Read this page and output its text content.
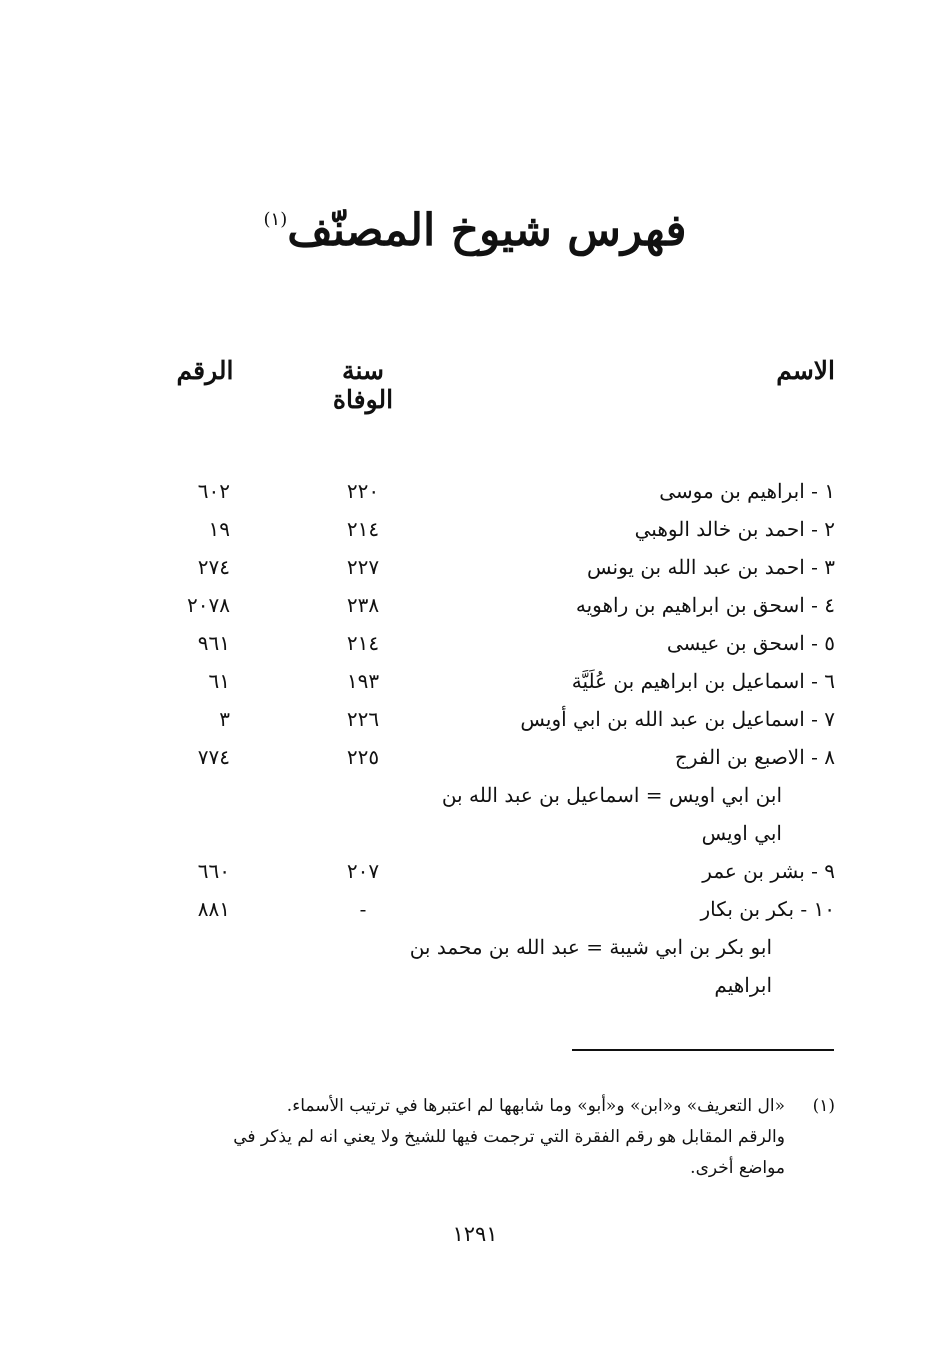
فهرس شيوخ المصنّف$^{(١)}$
الاسم
سنة الوفاة
الرقم
١ - ابراهيم بن موسى
٢٢٠
٦٠٢
٢ - احمد بن خالد الوهبي
٢١٤
١٩
٣ - احمد بن عبد الله بن يونس
٢٢٧
٢٧٤
٤ - اسحق بن ابراهيم بن راهويه
٢٣٨
٢٠٧٨
٥ - اسحق بن عيسى
٢١٤
٩٦١
٦ - اسماعيل بن ابراهيم بن عُلَيَّة
١٩٣
٦١
٧ - اسماعيل بن عبد الله بن ابي أويس
٢٢٦
٣
٨ - الاصبع بن الفرج
٢٢٥
٧٧٤
ابن ابي اويس = اسماعيل بن عبد الله بن
ابي اويس
٩ - بشر بن عمر
٢٠٧
٦٦٠
١٠ - بكر بن بكار
-
٨٨١
ابو بكر بن ابي شيبة = عبد الله بن محمد بن
ابراهيم
(١)
«ال التعريف» و«ابن» و«أبو» وما شابهها لم اعتبرها في ترتيب الأسماء.
والرقم المقابل هو رقم الفقرة التي ترجمت فيها للشيخ ولا يعني انه لم يذكر في
مواضع أخرى.
١٢٩١
